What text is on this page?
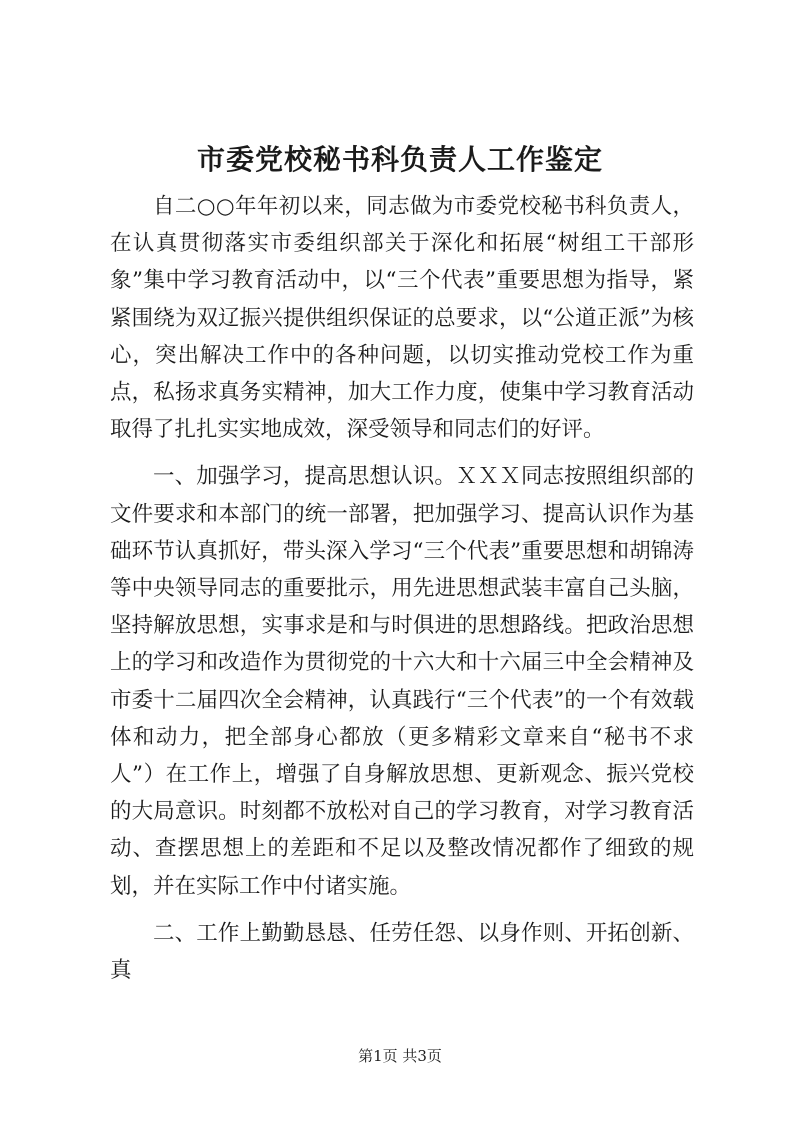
市委党校秘书科负责人工作鉴定

自二○○年年初以来，同志做为市委党校秘书科负责人，在认真贯彻落实市委组织部关于深化和拓展“树组工干部形象”集中学习教育活动中，以“三个代表”重要思想为指导，紧紧围绕为双辽振兴提供组织保证的总要求，以“公道正派”为核心，突出解决工作中的各种问题，以切实推动党校工作为重点，私扬求真务实精神，加大工作力度，使集中学习教育活动取得了扎扎实实地成效，深受领导和同志们的好评。

一、加强学习，提高思想认识。ＸＸＸ同志按照组织部的文件要求和本部门的统一部署，把加强学习、提高认识作为基础环节认真抓好，带头深入学习“三个代表”重要思想和胡锦涛等中央领导同志的重要批示，用先进思想武装丰富自己头脑，坚持解放思想，实事求是和与时俱进的思想路线。把政治思想上的学习和改造作为贯彻党的十六大和十六届三中全会精神及市委十二届四次全会精神，认真践行“三个代表”的一个有效载体和动力，把全部身心都放（更多精彩文章来自“秘书不求人”）在工作上，增强了自身解放思想、更新观念、振兴党校的大局意识。时刻都不放松对自己的学习教育，对学习教育活动、查摆思想上的差距和不足以及整改情况都作了细致的规划，并在实际工作中付诸实施。

二、工作上勤勤恳恳、任劳任怨、以身作则、开拓创新、真

第1页 共3页
